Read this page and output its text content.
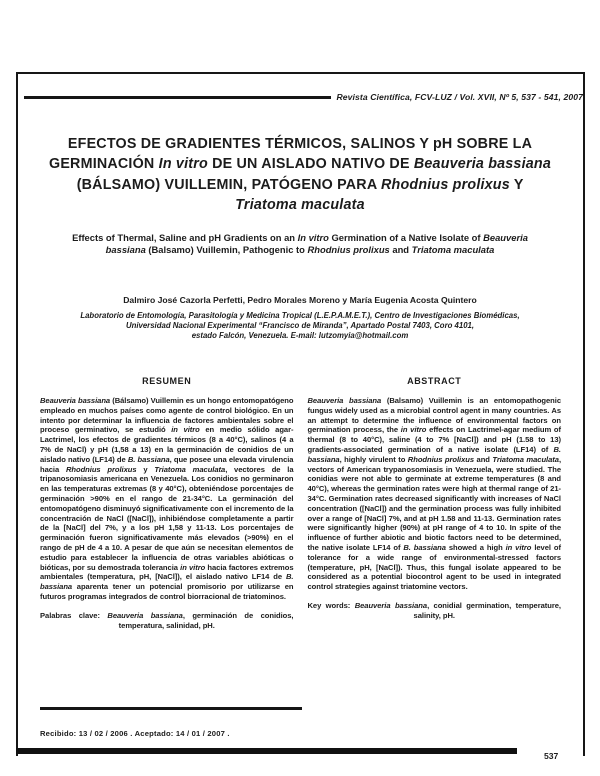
Revista Científica, FCV-LUZ / Vol. XVII, Nº 5, 537 - 541, 2007
EFECTOS DE GRADIENTES TÉRMICOS, SALINOS Y pH SOBRE LA GERMINACIÓN In vitro DE UN AISLADO NATIVO DE Beauveria bassiana (BÁLSAMO) VUILLEMIN, PATÓGENO PARA Rhodnius prolixus Y Triatoma maculata
Effects of Thermal, Saline and pH Gradients on an In vitro Germination of a Native Isolate of Beauveria bassiana (Balsamo) Vuillemin, Pathogenic to Rhodnius prolixus and Triatoma maculata
Dalmiro José Cazorla Perfetti, Pedro Morales Moreno y María Eugenia Acosta Quintero
Laboratorio de Entomología, Parasitología y Medicina Tropical (L.E.P.A.M.E.T.), Centro de Investigaciones Biomédicas,
Universidad Nacional Experimental “Francisco de Miranda”, Apartado Postal 7403, Coro 4101,
estado Falcón, Venezuela. E-mail: lutzomyia@hotmail.com
RESUMEN

Beauveria bassiana (Bálsamo) Vuillemin es un hongo entomopatógeno empleado en muchos países como agente de control biológico. En un intento por determinar la influencia de factores ambientales sobre el proceso germinativo, se estudió in vitro en medio sólido agar-Lactrimel, los efectos de gradientes térmicos (8 a 40°C), salinos (4 a 7% de NaCl) y pH (1,58 a 13) en la germinación de conidios de un aislado nativo (LF14) de B. bassiana, que posee una elevada virulencia hacia Rhodnius prolixus y Triatoma maculata, vectores de la tripanosomiasis americana en Venezuela. Los conidios no germinaron en las temperaturas extremas (8 y 40°C), obteniéndose porcentajes de germinación >90% en el rango de 21-34°C. La germinación del entomopatógeno disminuyó significativamente con el incremento de la concentración de NaCl ([NaCl]), inhibiéndose completamente a partir de la [NaCl] del 7%, y a los pH 1,58 y 11-13. Los porcentajes de germinación fueron significativamente más elevados (>90%) en el rango de pH de 4 a 10. A pesar de que aún se necesitan elementos de estudio para establecer la influencia de otras variables abióticas o bióticas, por su demostrada tolerancia in vitro hacia factores extremos ambientales (temperatura, pH, [NaCl]), el aislado nativo LF14 de B. bassiana aparenta tener un potencial promisorio por utilizarse en futuros programas integrados de control biorracional de triatominos.

Palabras clave: Beauveria bassiana, germinación de conidios, temperatura, salinidad, pH.

ABSTRACT

Beauveria bassiana (Balsamo) Vuillemin is an entomopathogenic fungus widely used as a microbial control agent in many countries. As an attempt to determine the influence of environmental factors on germination process, the in vitro effects on Lactrimel-agar medium of thermal (8 to 40°C), saline (4 to 7% [NaCl]) and pH (1.58 to 13) gradients-associated germination of a native isolate (LF14) of B. bassiana, highly virulent to Rhodnius prolixus and Triatoma maculata, vectors of American trypanosomiasis in Venezuela, were studied. The conidias were not able to germinate at extreme temperatures (8 and 40°C), whereas the germination rates were high at thermal range of 21-34°C. Germination rates decreased significantly with increases of NaCl concentration ([NaCl]) and the germination process was fully inhibited over a range of [NaCl] 7%, and at pH 1.58 and 11-13. Germination rates were significantly higher (90%) at pH range of 4 to 10. In spite of the influence of further abiotic and biotic factors need to be determined, the native isolate LF14 of B. bassiana showed a high in vitro level of tolerance for a wide range of environmental-stressed factors (temperature, pH, [NaCl]). Thus, this fungal isolate appeared to be considered as a potential biocontrol agent to be used in integrated control strategies against triatomine vectors.

Key words: Beauveria bassiana, conidial germination, temperature, salinity, pH.

Recibido: 13 / 02 / 2006 . Aceptado: 14 / 01 / 2007 .
537
